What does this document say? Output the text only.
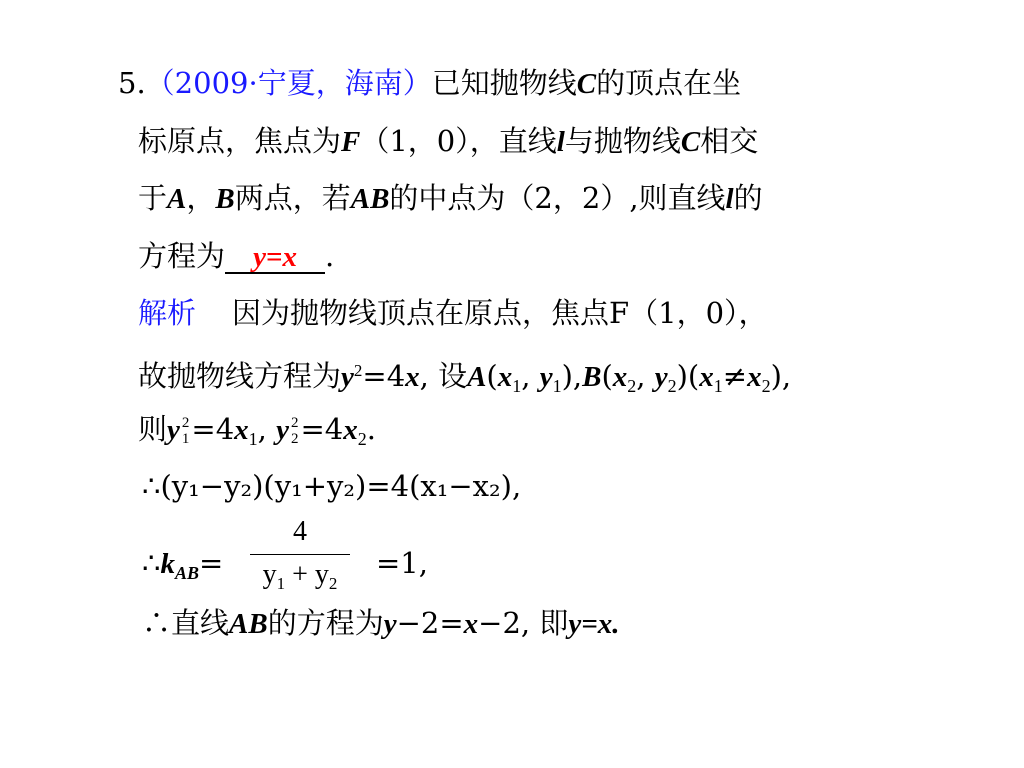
5.（2009·宁夏，海南）已知抛物线C的顶点在坐
标原点，焦点为F（1，0），直线l与抛物线C相交
于A，B两点，若AB的中点为（2，2）,则直线l的
方程为 y=x .
解析 因为抛物线顶点在原点，焦点F（1，0），
故抛物线方程为$y^2=4x$, 设$A(x_1$, $y_1),B(x_2$, $y_2)(x_1\ne x_2)$,
则y 2
$1 =4x_1$, y 2
$2 =4x_2$.
∴(y₁−y₂)(y₁+y₂)=4(x₁−x₂),
$\therefore k_{AB}=$
4
$y_1 + y_2$
=1,
∴直线AB的方程为y−2=x−2, 即y=x.
